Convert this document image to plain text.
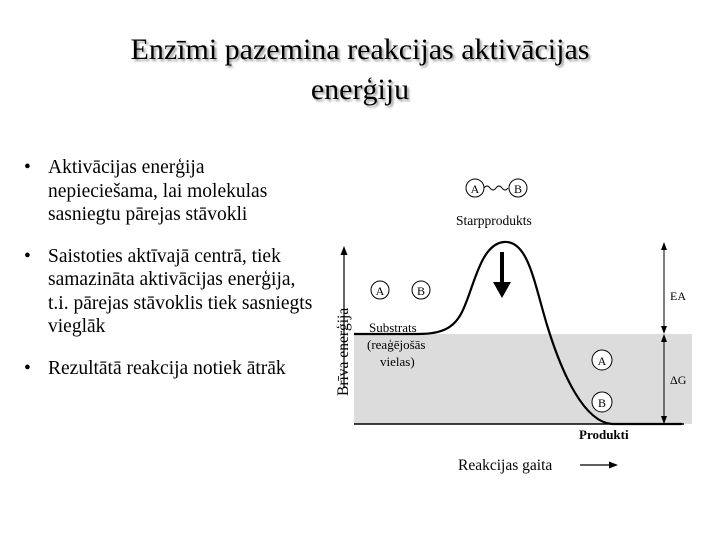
Enzīmi pazemina reakcijas aktivācijas
enerģiju
• Aktivācijas enerģija nepieciešama, lai molekulas sasniegtu pārejas stāvokli
• Saistoties aktīvajā centrā, tiek samazināta aktivācijas enerģija, t.i. pārejas stāvoklis tiek sasniegts vieglāk
• Rezultātā reakcija notiek ātrāk	Brīva enerģija
A	B
Starpprodukts
A	B
Substrats
(reaģējošās
vielas)	A
B
Produkti
EA
ΔG
Reakcijas gaita
